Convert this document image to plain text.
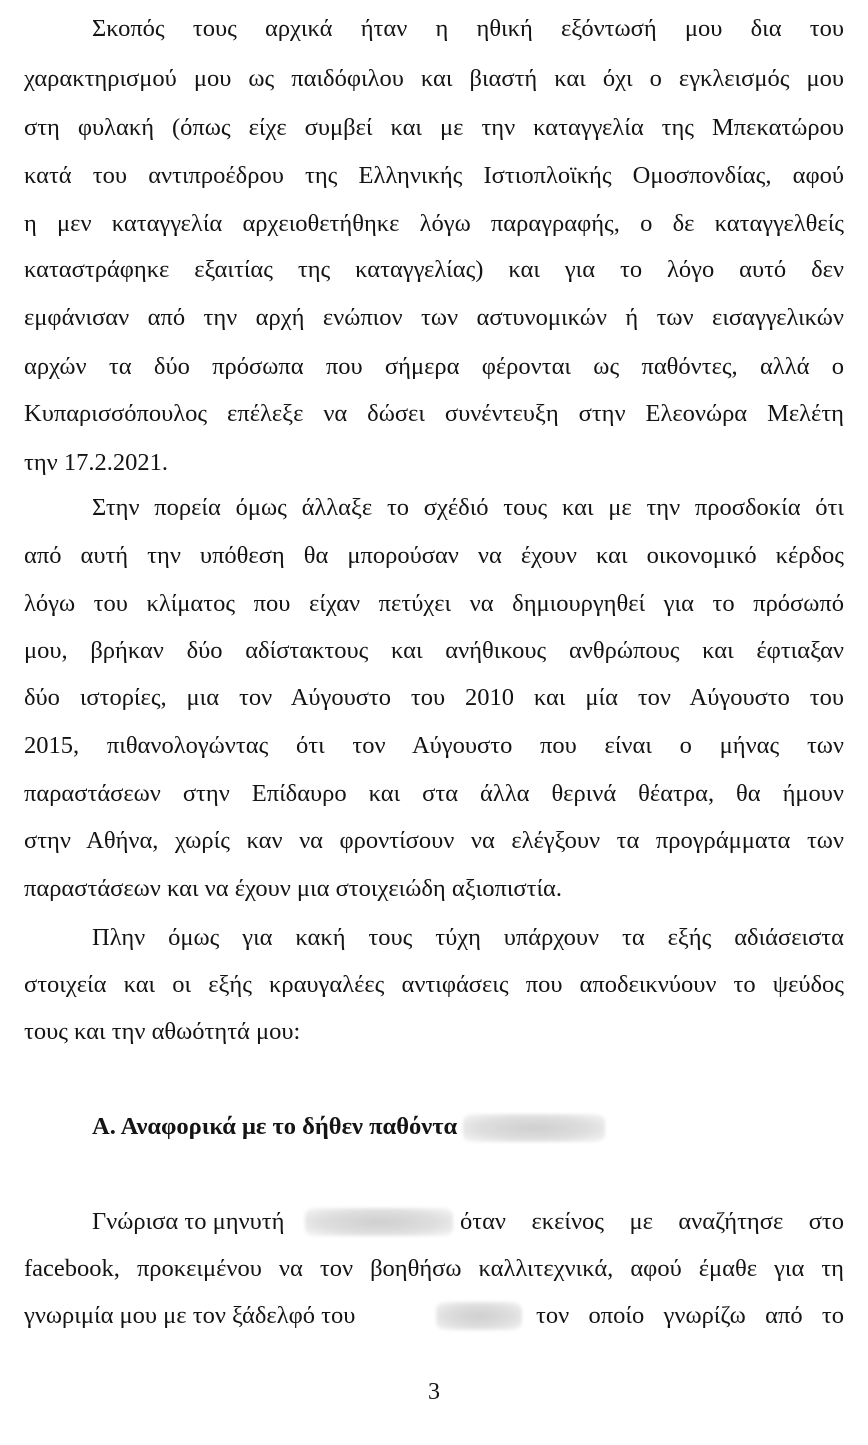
Σκοπός τους αρχικά ήταν η ηθική εξόντωσή μου δια του
χαρακτηρισμού μου ως παιδόφιλου και βιαστή και όχι ο εγκλεισμός μου
στη φυλακή (όπως είχε συμβεί και με την καταγγελία της Μπεκατώρου
κατά του αντιπροέδρου της Ελληνικής Ιστιοπλοϊκής Ομοσπονδίας, αφού
η μεν καταγγελία αρχειοθετήθηκε λόγω παραγραφής, ο δε καταγγελθείς
καταστράφηκε εξαιτίας της καταγγελίας) και για το λόγο αυτό δεν
εμφάνισαν από την αρχή ενώπιον των αστυνομικών ή των εισαγγελικών
αρχών τα δύο πρόσωπα που σήμερα φέρονται ως παθόντες, αλλά ο
Κυπαρισσόπουλος επέλεξε να δώσει συνέντευξη στην Ελεονώρα Μελέτη
την 17.2.2021.
Στην πορεία όμως άλλαξε το σχέδιό τους και με την προσδοκία ότι
από αυτή την υπόθεση θα μπορούσαν να έχουν και οικονομικό κέρδος
λόγω του κλίματος που είχαν πετύχει να δημιουργηθεί για το πρόσωπό
μου, βρήκαν δύο αδίστακτους και ανήθικους ανθρώπους και έφτιαξαν
δύο ιστορίες, μια τον Αύγουστο του 2010 και μία τον Αύγουστο του
2015, πιθανολογώντας ότι τον Αύγουστο που είναι ο μήνας των
παραστάσεων στην Επίδαυρο και στα άλλα θερινά θέατρα, θα ήμουν
στην Αθήνα, χωρίς καν να φροντίσουν να ελέγξουν τα προγράμματα των
παραστάσεων και να έχουν μια στοιχειώδη αξιοπιστία.
Πλην όμως για κακή τους τύχη υπάρχουν τα εξής αδιάσειστα
στοιχεία και οι εξής κραυγαλέες αντιφάσεις που αποδεικνύουν το ψεύδος
τους και την αθωότητά μου:
Α. Αναφορικά με το δήθεν παθόντα
Γνώρισα το μηνυτή	όταν εκείνος με αναζήτησε στο
facebook, προκειμένου να τον βοηθήσω καλλιτεχνικά, αφού έμαθε για τη
γνωριμία μου με τον ξάδελφό του	τον οποίο γνωρίζω από το
3
